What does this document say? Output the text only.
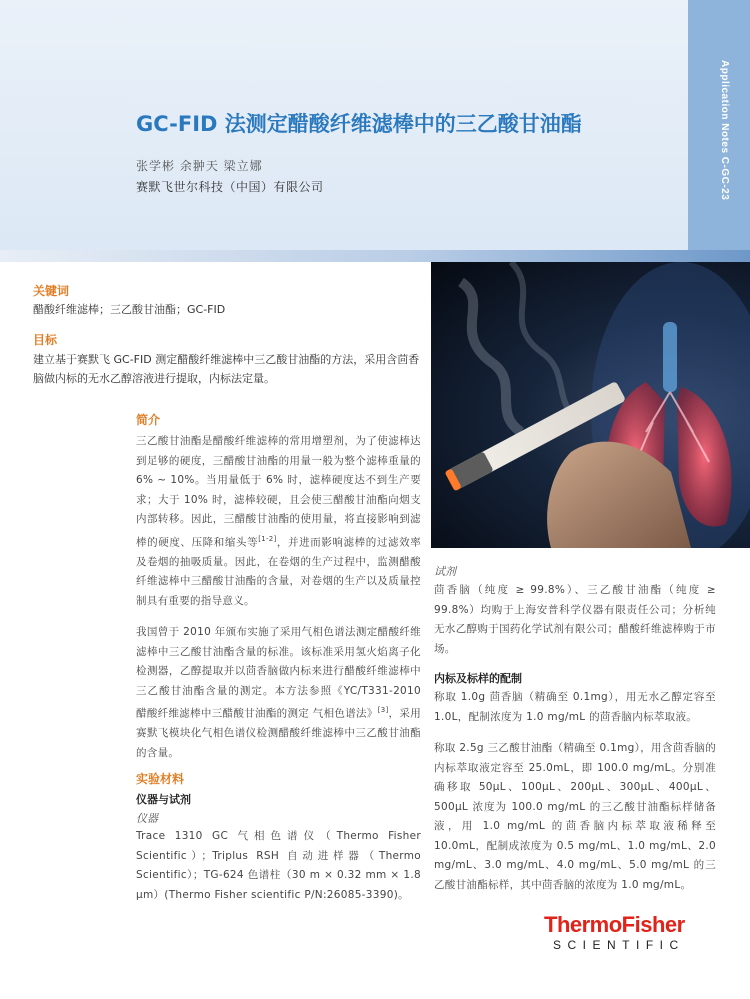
Application Notes C-GC-23
GC-FID 法测定醋酸纤维滤棒中的三乙酸甘油酯
张学彬 余翀天 梁立娜
赛默飞世尔科技（中国）有限公司
关键词
醋酸纤维滤棒；三乙酸甘油酯；GC-FID
目标
建立基于赛默飞 GC-FID 测定醋酸纤维滤棒中三乙酸甘油酯的方法，采用含茴香脑做内标的无水乙醇溶液进行提取，内标法定量。
简介
三乙酸甘油酯是醋酸纤维滤棒的常用增塑剂，为了使滤棒达到足够的硬度，三醋酸甘油酯的用量一般为整个滤棒重量的 6% ~ 10%。当用量低于 6% 时，滤棒硬度达不到生产要求；大于 10% 时，滤棒较硬，且会使三醋酸甘油酯向烟支内部转移。因此，三醋酸甘油酯的使用量，将直接影响到滤棒的硬度、压降和缩头等[1-2]，并进而影响滤棒的过滤效率及卷烟的抽吸质量。因此，在卷烟的生产过程中，监测醋酸纤维滤棒中三醋酸甘油酯的含量，对卷烟的生产以及质量控制具有重要的指导意义。
我国曾于 2010 年颁布实施了采用气相色谱法测定醋酸纤维滤棒中三乙酸甘油酯含量的标准。该标准采用氢火焰离子化检测器，乙醇提取并以茴香脑做内标来进行醋酸纤维滤棒中三乙酸甘油酯含量的测定。本方法参照《YC/T331-2010 醋酸纤维滤棒中三醋酸甘油酯的测定 气相色谱法》[3]，采用赛默飞模块化气相色谱仪检测醋酸纤维滤棒中三乙酸甘油酯的含量。
实验材料
仪器与试剂
仪器
Trace 1310 GC 气相色谱仪（Thermo Fisher Scientific）；Triplus RSH 自动进样器（Thermo Scientific）；TG-624 色谱柱（30 m × 0.32 mm × 1.8 μm）(Thermo Fisher scientific P/N:26085-3390)。
试剂
茴香脑（纯度 ≥ 99.8%）、三乙酸甘油酯（纯度 ≥ 99.8%）均购于上海安普科学仪器有限责任公司；分析纯无水乙醇购于国药化学试剂有限公司；醋酸纤维滤棒购于市场。
内标及标样的配制
称取 1.0g 茴香脑（精确至 0.1mg），用无水乙醇定容至 1.0L，配制浓度为 1.0 mg/mL 的茴香脑内标萃取液。
称取 2.5g 三乙酸甘油酯（精确至 0.1mg），用含茴香脑的内标萃取液定容至 25.0mL，即 100.0 mg/mL。分别准确移取 50μL、100μL、200μL、300μL、400μL、500μL 浓度为 100.0 mg/mL 的三乙酸甘油酯标样储备液，用 1.0 mg/mL 的茴香脑内标萃取液稀释至 10.0mL，配制成浓度为 0.5 mg/mL、1.0 mg/mL、2.0 mg/mL、3.0 mg/mL、4.0 mg/mL、5.0 mg/mL 的三乙酸甘油酯标样，其中茴香脑的浓度为 1.0 mg/mL。
ThermoFisher
SCIENTIFIC
